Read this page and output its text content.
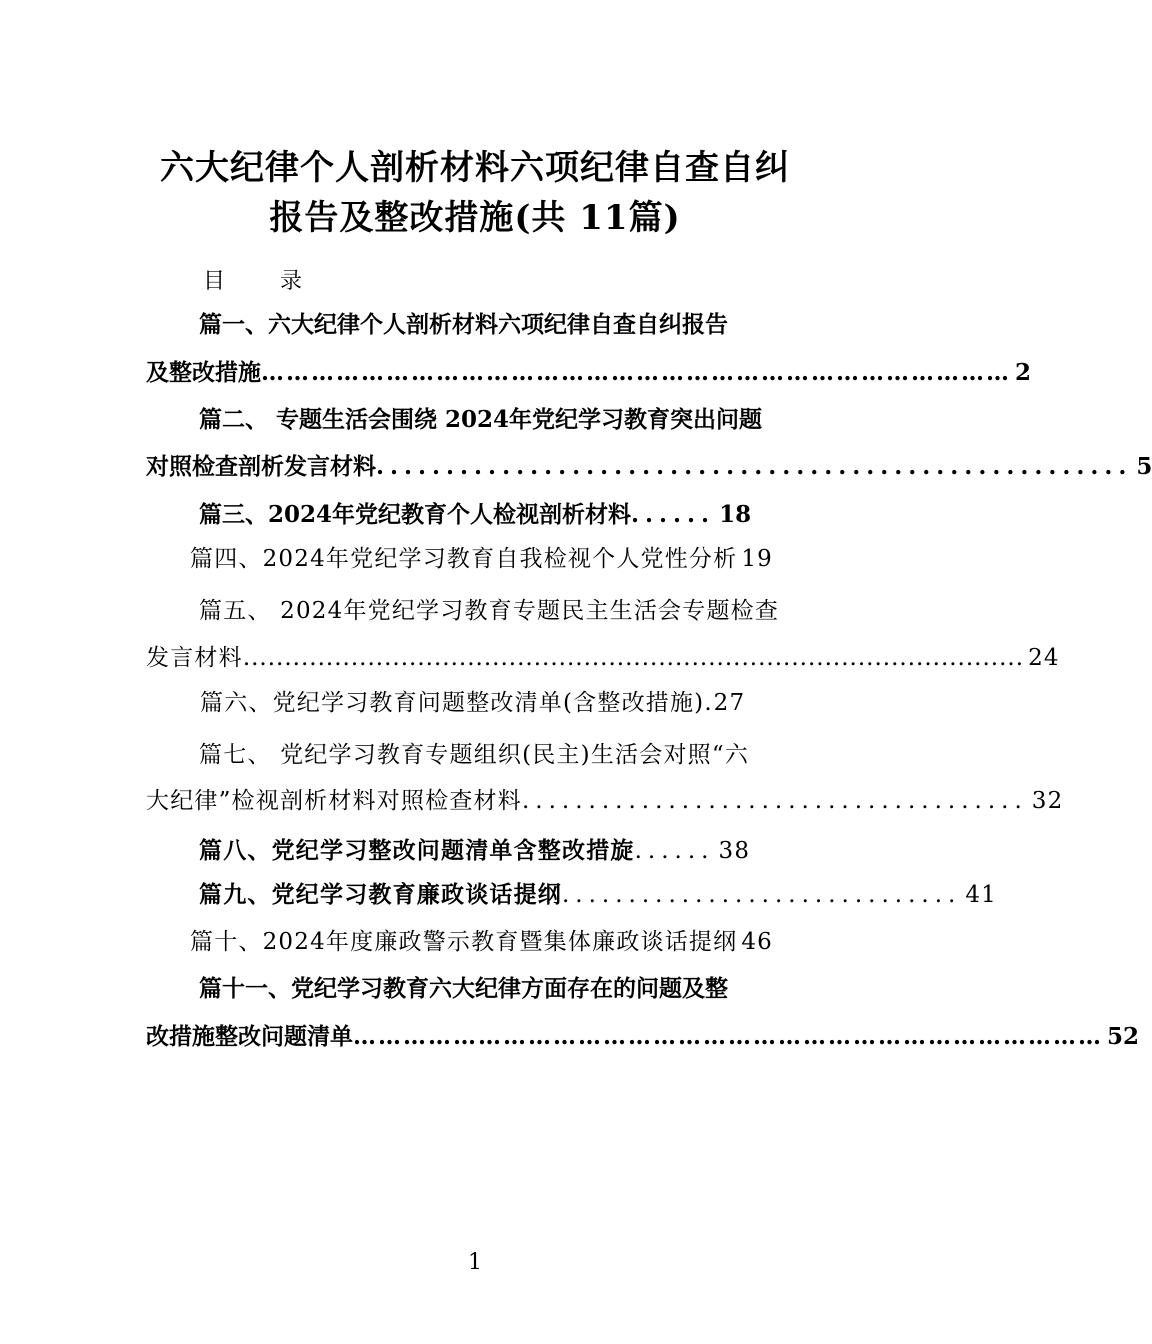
六大纪律个人剖析材料六项纪律自查自纠
报告及整改措施(共 11篇)
目 录
篇一、六大纪律个人剖析材料六项纪律自查自纠报告
及整改措施 ……………………………………………………………………………… 2
篇二、 专题生活会围绕 2024年党纪学习教育突出问题
对照检查剖析发言材料 ...................................................... 5
篇三、2024年党纪教育个人检视剖析材料 ...... 18
篇四、2024年党纪学习教育自我检视个人党性分析 19
篇五、 2024年党纪学习教育专题民主生活会专题检查
发言材料 .............................................................................................. 24
篇六、党纪学习教育问题整改清单(含整改措施) . 27
篇七、 党纪学习教育专题组织(民主)生活会对照“六
大纪律”检视剖析材料对照检查材料 ...................................... 32
篇八、党纪学习整改问题清单含整改措旋 ...... 38
篇九、党纪学习教育廉政谈话提纲 .............................. 41
篇十、2024年度廉政警示教育暨集体廉政谈话提纲 46
篇十一、党纪学习教育六大纪律方面存在的问题及整
改措施整改问题清单 ……………………………………………………………………………… 52
1
